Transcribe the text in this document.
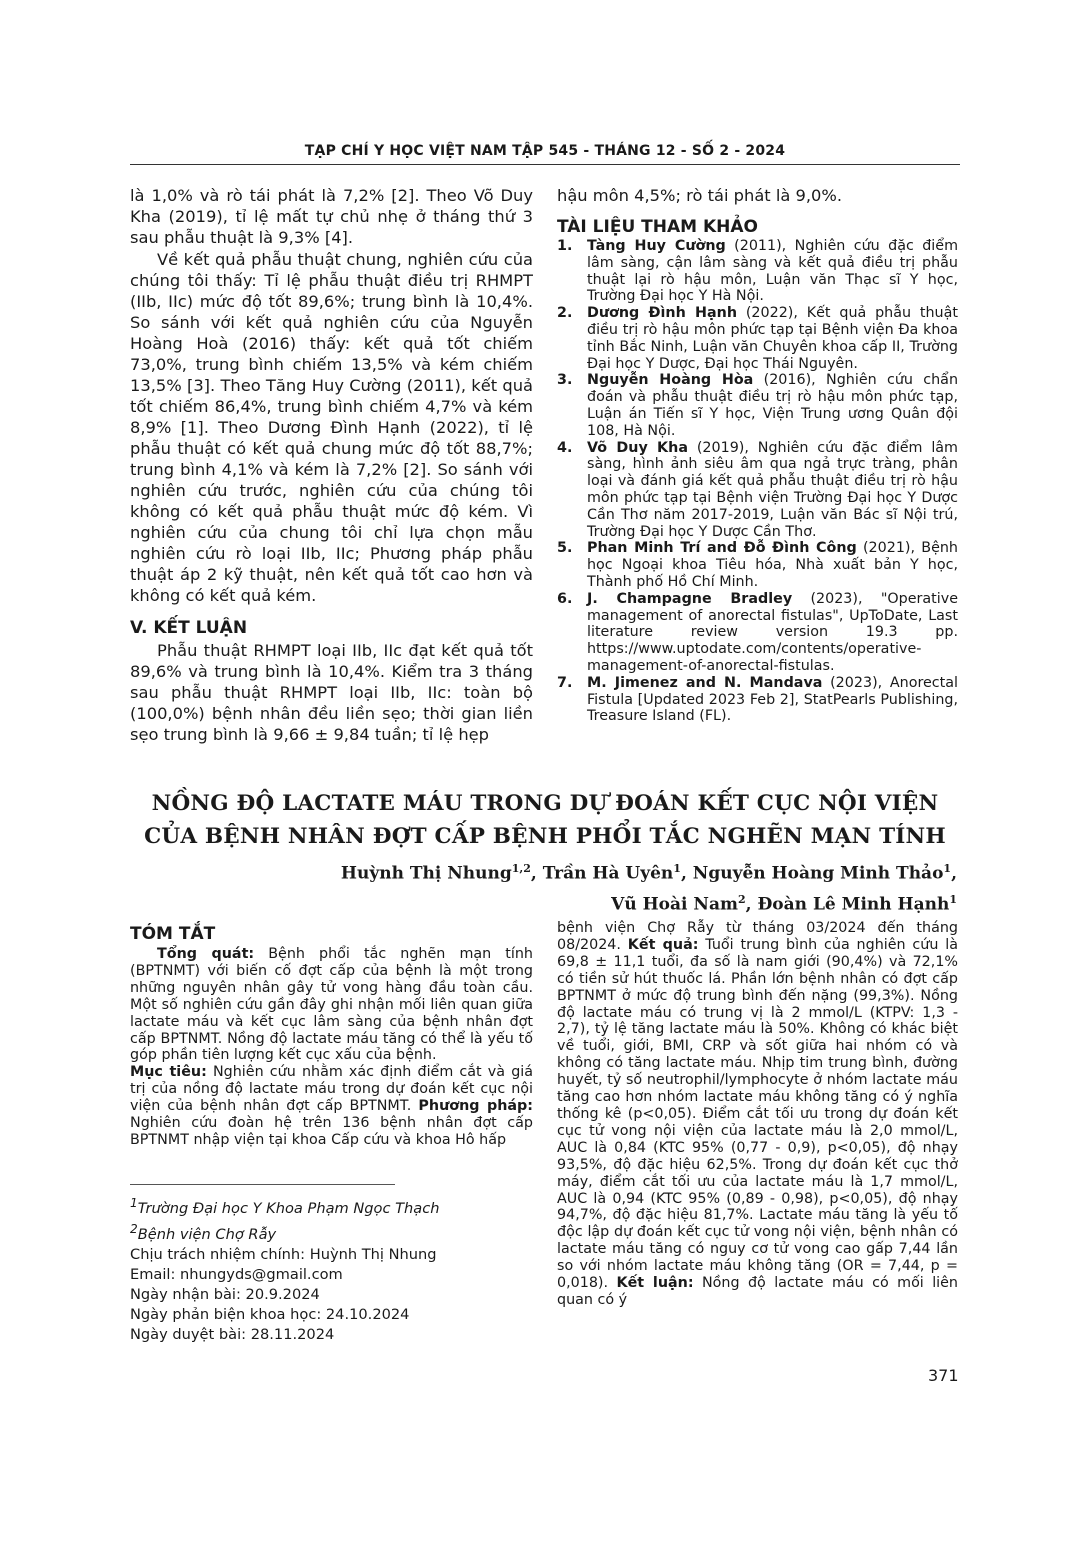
TẠP CHÍ Y HỌC VIỆT NAM TẬP 545 - THÁNG 12 - SỐ 2 - 2024

là 1,0% và rò tái phát là 7,2% [2]. Theo Võ Duy Kha (2019), tỉ lệ mất tự chủ nhẹ ở tháng thứ 3 sau phẫu thuật là 9,3% [4].

Về kết quả phẫu thuật chung, nghiên cứu của chúng tôi thấy: Tỉ lệ phẫu thuật điều trị RHMPT (IIb, IIc) mức độ tốt 89,6%; trung bình là 10,4%. So sánh với kết quả nghiên cứu của Nguyễn Hoàng Hoà (2016) thấy: kết quả tốt chiếm 73,0%, trung bình chiếm 13,5% và kém chiếm 13,5% [3]. Theo Tăng Huy Cường (2011), kết quả tốt chiếm 86,4%, trung bình chiếm 4,7% và kém 8,9% [1]. Theo Dương Đình Hạnh (2022), tỉ lệ phẫu thuật có kết quả chung mức độ tốt 88,7%; trung bình 4,1% và kém là 7,2% [2]. So sánh với nghiên cứu trước, nghiên cứu của chúng tôi không có kết quả phẫu thuật mức độ kém. Vì nghiên cứu của chung tôi chỉ lựa chọn mẫu nghiên cứu rò loại IIb, IIc; Phương pháp phẫu thuật áp 2 kỹ thuật, nên kết quả tốt cao hơn và không có kết quả kém.

V. KẾT LUẬN

Phẫu thuật RHMPT loại IIb, IIc đạt kết quả tốt 89,6% và trung bình là 10,4%. Kiểm tra 3 tháng sau phẫu thuật RHMPT loại IIb, IIc: toàn bộ (100,0%) bệnh nhân đều liền sẹo; thời gian liền sẹo trung bình là 9,66 ± 9,84 tuần; tỉ lệ hẹp

hậu môn 4,5%; rò tái phát là 9,0%.

TÀI LIỆU THAM KHẢO

1. Tàng Huy Cường (2011), Nghiên cứu đặc điểm lâm sàng, cận lâm sàng và kết quả điều trị phẫu thuật lại rò hậu môn, Luận văn Thạc sĩ Y học, Trường Đại học Y Hà Nội.

2. Dương Đình Hạnh (2022), Kết quả phẫu thuật điều trị rò hậu môn phức tạp tại Bệnh viện Đa khoa tỉnh Bắc Ninh, Luận văn Chuyên khoa cấp II, Trường Đại học Y Dược, Đại học Thái Nguyên.

3. Nguyễn Hoàng Hòa (2016), Nghiên cứu chẩn đoán và phẫu thuật điều trị rò hậu môn phức tạp, Luận án Tiến sĩ Y học, Viện Trung ương Quân đội 108, Hà Nội.

4. Võ Duy Kha (2019), Nghiên cứu đặc điểm lâm sàng, hình ảnh siêu âm qua ngả trực tràng, phân loại và đánh giá kết quả phẫu thuật điều trị rò hậu môn phức tạp tại Bệnh viện Trường Đại học Y Dược Cần Thơ năm 2017-2019, Luận văn Bác sĩ Nội trú, Trường Đại học Y Dược Cần Thơ.

5. Phan Minh Trí and Đỗ Đình Công (2021), Bệnh học Ngoại khoa Tiêu hóa, Nhà xuất bản Y học, Thành phố Hồ Chí Minh.

6. J. Champagne Bradley (2023), "Operative management of anorectal fistulas", UpToDate, Last literature review version 19.3 pp. https://www.uptodate.com/contents/operative-management-of-anorectal-fistulas.

7. M. Jimenez and N. Mandava (2023), Anorectal Fistula [Updated 2023 Feb 2], StatPearls Publishing, Treasure Island (FL).

NỒNG ĐỘ LACTATE MÁU TRONG DỰ ĐOÁN KẾT CỤC NỘI VIỆN
CỦA BỆNH NHÂN ĐỢT CẤP BỆNH PHỔI TẮC NGHẼN MẠN TÍNH
Huỳnh Thị Nhung$^{1,2}$, Trần Hà Uyên$^1$, Nguyễn Hoàng Minh Thảo$^1$,
Vũ Hoài Nam$^2$, Đoàn Lê Minh Hạnh$^1$

TÓM TẮT

Tổng quát: Bệnh phổi tắc nghẽn mạn tính (BPTNMT) với biến cố đợt cấp của bệnh là một trong những nguyên nhân gây tử vong hàng đầu toàn cầu. Một số nghiên cứu gần đây ghi nhận mối liên quan giữa lactate máu và kết cục lâm sàng của bệnh nhân đợt cấp BPTNMT. Nồng độ lactate máu tăng có thể là yếu tố góp phần tiên lượng kết cục xấu của bệnh.

Mục tiêu: Nghiên cứu nhằm xác định điểm cắt và giá trị của nồng độ lactate máu trong dự đoán kết cục nội viện của bệnh nhân đợt cấp BPTNMT. Phương pháp: Nghiên cứu đoàn hệ trên 136 bệnh nhân đợt cấp BPTNMT nhập viện tại khoa Cấp cứu và khoa Hô hấp

$^1$Trường Đại học Y Khoa Phạm Ngọc Thạch

$^2$Bệnh viện Chợ Rẫy

Chịu trách nhiệm chính: Huỳnh Thị Nhung

Email: nhungyds@gmail.com

Ngày nhận bài: 20.9.2024

Ngày phản biện khoa học: 24.10.2024

Ngày duyệt bài: 28.11.2024

bệnh viện Chợ Rẫy từ tháng 03/2024 đến tháng 08/2024. Kết quả: Tuổi trung bình của nghiên cứu là 69,8 ± 11,1 tuổi, đa số là nam giới (90,4%) và 72,1% có tiền sử hút thuốc lá. Phần lớn bệnh nhân có đợt cấp BPTNMT ở mức độ trung bình đến nặng (99,3%). Nồng độ lactate máu có trung vị là 2 mmol/L (KTPV: 1,3 - 2,7), tỷ lệ tăng lactate máu là 50%. Không có khác biệt về tuổi, giới, BMI, CRP và sốt giữa hai nhóm có và không có tăng lactate máu. Nhịp tim trung bình, đường huyết, tỷ số neutrophil/lymphocyte ở nhóm lactate máu tăng cao hơn nhóm lactate máu không tăng có ý nghĩa thống kê (p<0,05). Điểm cắt tối ưu trong dự đoán kết cục tử vong nội viện của lactate máu là 2,0 mmol/L, AUC là 0,84 (KTC 95% (0,77 - 0,9), p<0,05), độ nhạy 93,5%, độ đặc hiệu 62,5%. Trong dự đoán kết cục thở máy, điểm cắt tối ưu của lactate máu là 1,7 mmol/L, AUC là 0,94 (KTC 95% (0,89 - 0,98), p<0,05), độ nhạy 94,7%, độ đặc hiệu 81,7%. Lactate máu tăng là yếu tố độc lập dự đoán kết cục tử vong nội viện, bệnh nhân có lactate máu tăng có nguy cơ tử vong cao gấp 7,44 lần so với nhóm lactate máu không tăng (OR = 7,44, p = 0,018). Kết luận: Nồng độ lactate máu có mối liên quan có ý

371
